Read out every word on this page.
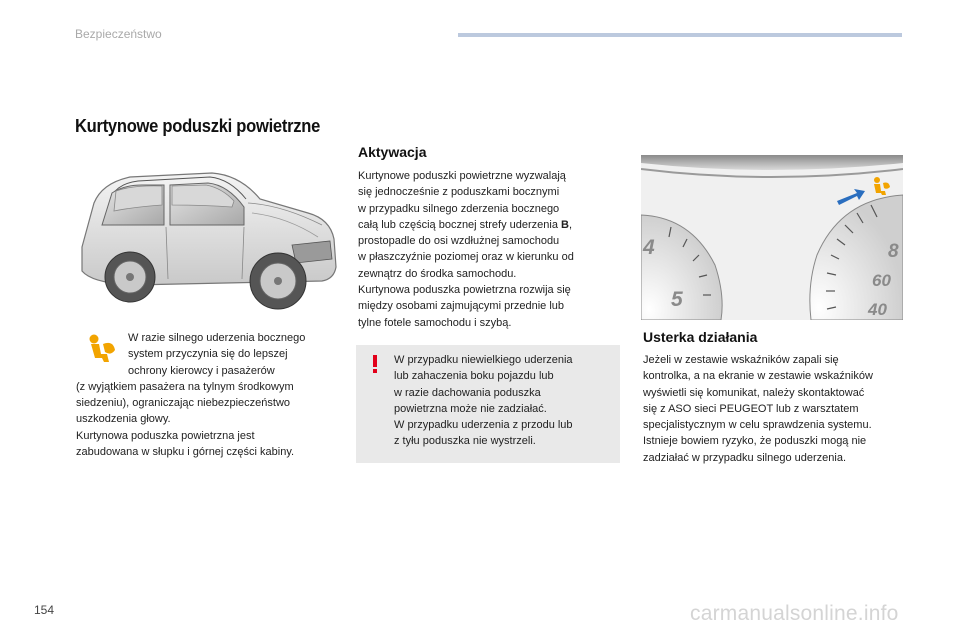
Bezpieczeństwo
Kurtynowe poduszki powietrzne
W razie silnego uderzenia bocznego
system przyczynia się do lepszej
ochrony kierowcy i pasażerów
(z wyjątkiem pasażera na tylnym środkowym
siedzeniu), ograniczając niebezpieczeństwo
uszkodzenia głowy.
Kurtynowa poduszka powietrzna jest
zabudowana w słupku i górnej części kabiny.
Aktywacja
Kurtynowe poduszki powietrzne wyzwalają
się jednocześnie z poduszkami bocznymi
w przypadku silnego zderzenia bocznego
całą lub częścią bocznej strefy uderzenia B,
prostopadle do osi wzdłużnej samochodu
w płaszczyźnie poziomej oraz w kierunku od
zewnątrz do środka samochodu.
Kurtynowa poduszka powietrzna rozwija się
między osobami zajmującymi przednie lub
tylne fotele samochodu i szybą.
W przypadku niewielkiego uderzenia
lub zahaczenia boku pojazdu lub
w razie dachowania poduszka
powietrzna może nie zadziałać.
W przypadku uderzenia z przodu lub
z tyłu poduszka nie wystrzeli.
4
5
8
60
40
Usterka działania
Jeżeli w zestawie wskaźników zapali się
kontrolka, a na ekranie w zestawie wskaźników
wyświetli się komunikat, należy skontaktować
się z ASO sieci PEUGEOT lub z warsztatem
specjalistycznym w celu sprawdzenia systemu.
Istnieje bowiem ryzyko, że poduszki mogą nie
zadziałać w przypadku silnego uderzenia.
154	carmanualsonline.info
